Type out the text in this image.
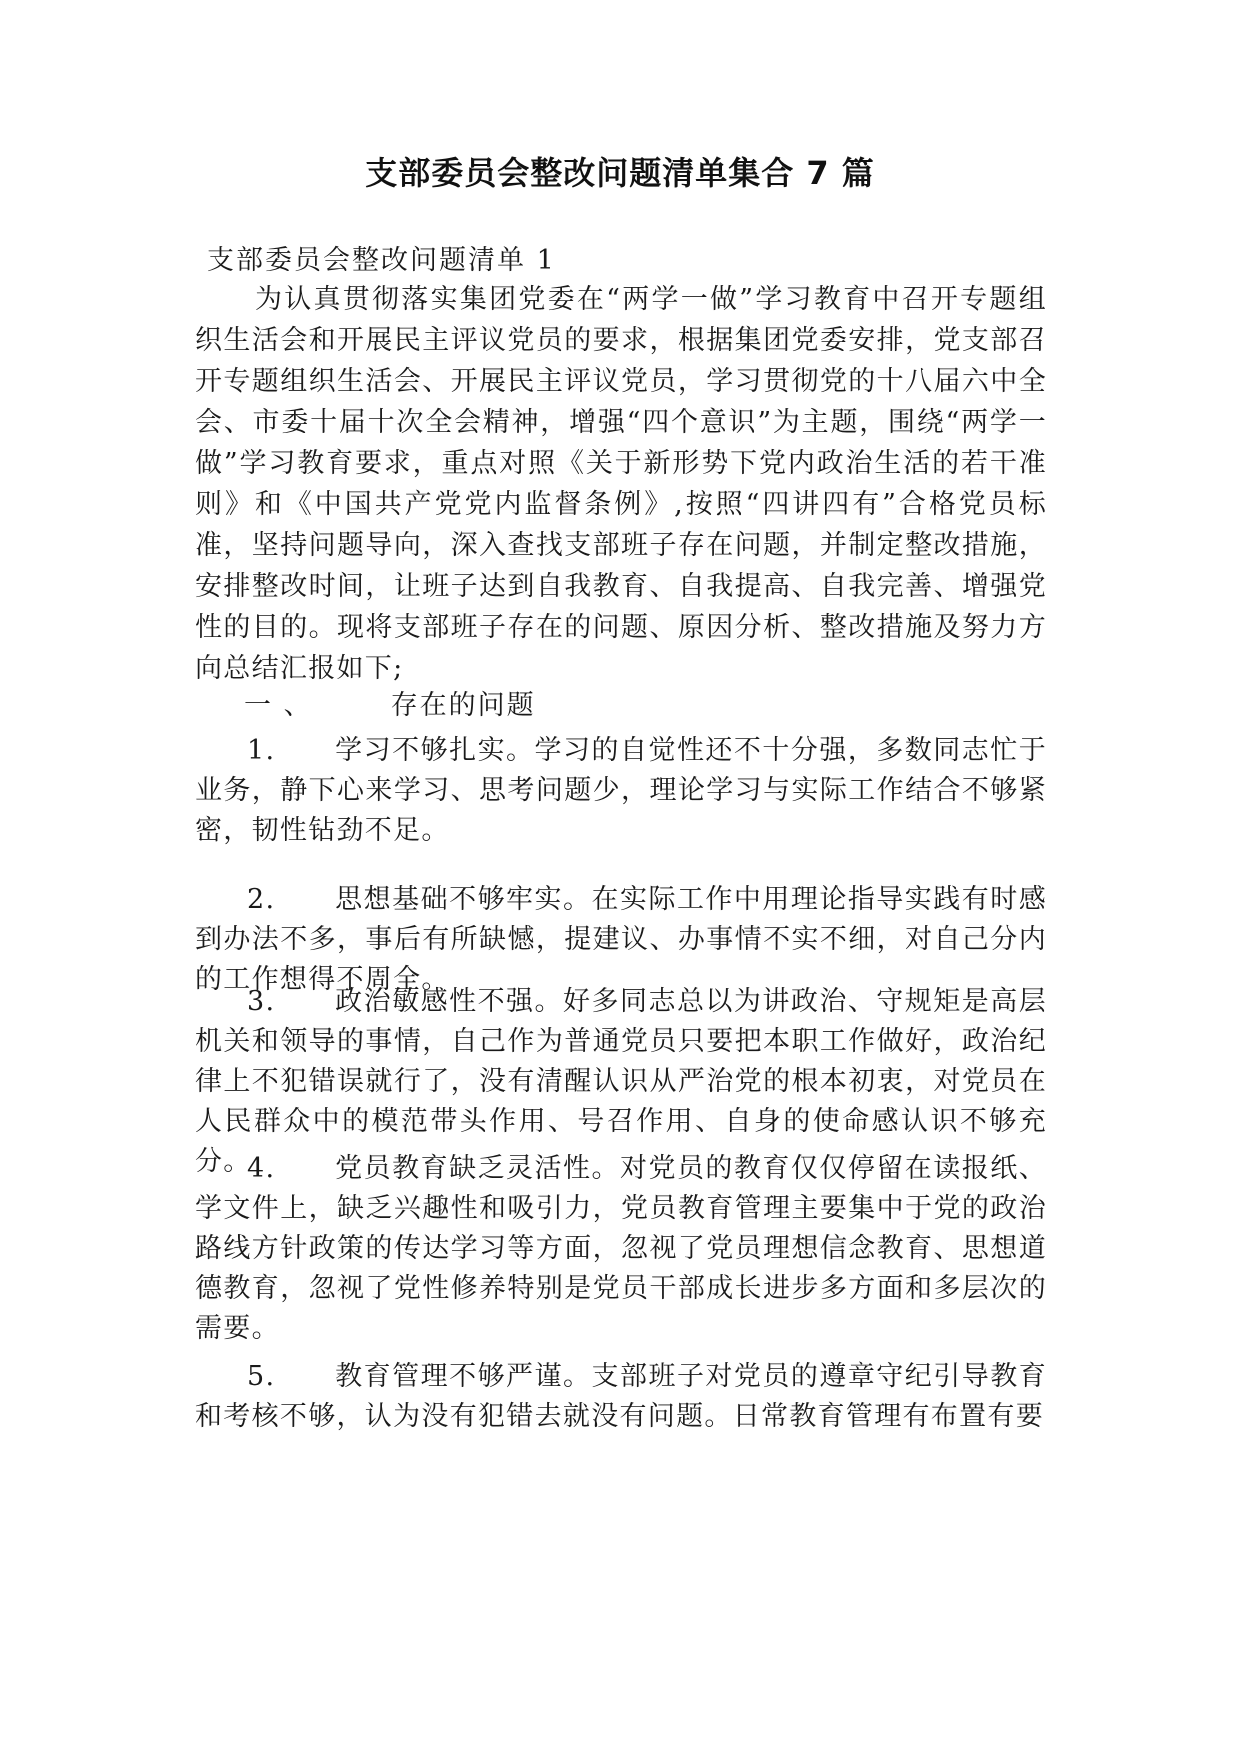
支部委员会整改问题清单集合 7 篇
支部委员会整改问题清单 1

为认真贯彻落实集团党委在“两学一做”学习教育中召开专题组织生活会和开展民主评议党员的要求，根据集团党委安排，党支部召开专题组织生活会、开展民主评议党员，学习贯彻党的十八届六中全会、市委十届十次全会精神，增强“四个意识”为主题，围绕“两学一做”学习教育要求，重点对照《关于新形势下党内政治生活的若干准则》和《中国共产党党内监督条例》,按照“四讲四有”合格党员标准，坚持问题导向，深入查找支部班子存在问题，并制定整改措施，安排整改时间，让班子达到自我教育、自我提高、自我完善、增强党性的目的。现将支部班子存在的问题、原因分析、整改措施及努力方向总结汇报如下;

一 、	存在的问题

1. 学习不够扎实。学习的自觉性还不十分强，多数同志忙于业务，静下心来学习、思考问题少，理论学习与实际工作结合不够紧密，韧性钻劲不足。

2. 思想基础不够牢实。在实际工作中用理论指导实践有时感到办法不多，事后有所缺憾，提建议、办事情不实不细，对自己分内的工作想得不周全。

3. 政治敏感性不强。好多同志总以为讲政治、守规矩是高层机关和领导的事情，自己作为普通党员只要把本职工作做好，政治纪律上不犯错误就行了，没有清醒认识从严治党的根本初衷，对党员在人民群众中的模范带头作用、号召作用、自身的使命感认识不够充分。

4. 党员教育缺乏灵活性。对党员的教育仅仅停留在读报纸、学文件上，缺乏兴趣性和吸引力，党员教育管理主要集中于党的政治路线方针政策的传达学习等方面，忽视了党员理想信念教育、思想道德教育，忽视了党性修养特别是党员干部成长进步多方面和多层次的需要。

5. 教育管理不够严谨。支部班子对党员的遵章守纪引导教育和考核不够，认为没有犯错去就没有问题。日常教育管理有布置有要
